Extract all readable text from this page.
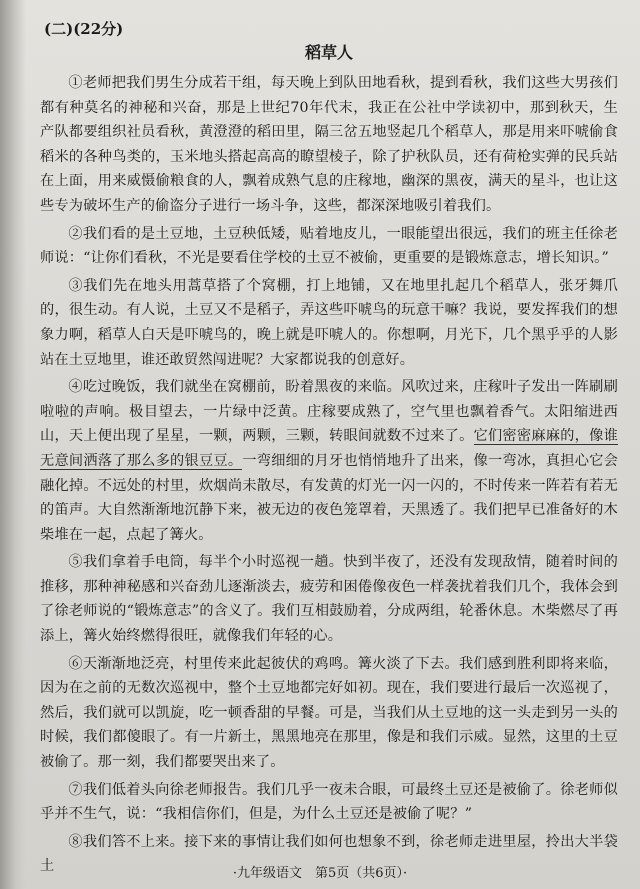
(二)(22分)
稻草人

①老师把我们男生分成若干组，每天晚上到队田地看秋，提到看秋，我们这些大男孩们都有种莫名的神秘和兴奋，那是上世纪70年代末，我正在公社中学读初中，那到秋天，生产队都要组织社员看秋，黄澄澄的稻田里，隔三岔五地竖起几个稻草人，那是用来吓唬偷食稻米的各种鸟类的，玉米地头搭起高高的瞭望棱子，除了护秋队员，还有荷枪实弹的民兵站在上面，用来威慑偷粮食的人，飘着成熟气息的庄稼地，幽深的黑夜，满天的星斗，也让这些专为破坏生产的偷盗分子进行一场斗争，这些，都深深地吸引着我们。

②我们看的是土豆地，土豆秧低矮，贴着地皮儿，一眼能望出很远，我们的班主任徐老师说：“让你们看秋，不光是要看住学校的土豆不被偷，更重要的是锻炼意志，增长知识。”

③我们先在地头用蒿草搭了个窝棚，打上地铺，又在地里扎起几个稻草人，张牙舞爪的，很生动。有人说，土豆又不是稻子，弄这些吓唬鸟的玩意干嘛？我说，要发挥我们的想象力啊，稻草人白天是吓唬鸟的，晚上就是吓唬人的。你想啊，月光下，几个黑乎乎的人影站在土豆地里，谁还敢贸然闯进呢？大家都说我的创意好。

④吃过晚饭，我们就坐在窝棚前，盼着黑夜的来临。风吹过来，庄稼叶子发出一阵刷刷啦啦的声响。极目望去，一片绿中泛黄。庄稼要成熟了，空气里也飘着香气。太阳缩进西山，天上便出现了星星，一颗，两颗，三颗，转眼间就数不过来了。它们密密麻麻的，像谁无意间洒落了那么多的银豆豆。一弯细细的月牙也悄悄地升了出来，像一弯冰，真担心它会融化掉。不远处的村里，炊烟尚未散尽，有发黄的灯光一闪一闪的，不时传来一阵若有若无的笛声。大自然渐渐地沉静下来，被无边的夜色笼罩着，天黑透了。我们把早已准备好的木柴堆在一起，点起了篝火。

⑤我们拿着手电筒，每半个小时巡视一趟。快到半夜了，还没有发现敌情，随着时间的推移，那种神秘感和兴奋劲儿逐渐淡去，疲劳和困倦像夜色一样袭扰着我们几个，我体会到了徐老师说的“锻炼意志”的含义了。我们互相鼓励着，分成两组，轮番休息。木柴燃尽了再添上，篝火始终燃得很旺，就像我们年轻的心。

⑥天渐渐地泛亮，村里传来此起彼伏的鸡鸣。篝火淡了下去。我们感到胜利即将来临，因为在之前的无数次巡视中，整个土豆地都完好如初。现在，我们要进行最后一次巡视了，然后，我们就可以凯旋，吃一顿香甜的早餐。可是，当我们从土豆地的这一头走到另一头的时候，我们都傻眼了。有一片新土，黑黑地亮在那里，像是和我们示威。显然，这里的土豆被偷了。那一刻，我们都要哭出来了。

⑦我们低着头向徐老师报告。我们几乎一夜未合眼，可最终土豆还是被偷了。徐老师似乎并不生气，说：“我相信你们，但是，为什么土豆还是被偷了呢？”

⑧我们答不上来。接下来的事情让我们如何也想象不到，徐老师走进里屋，拎出大半袋土	·九年级语文　第5页（共6页）·
